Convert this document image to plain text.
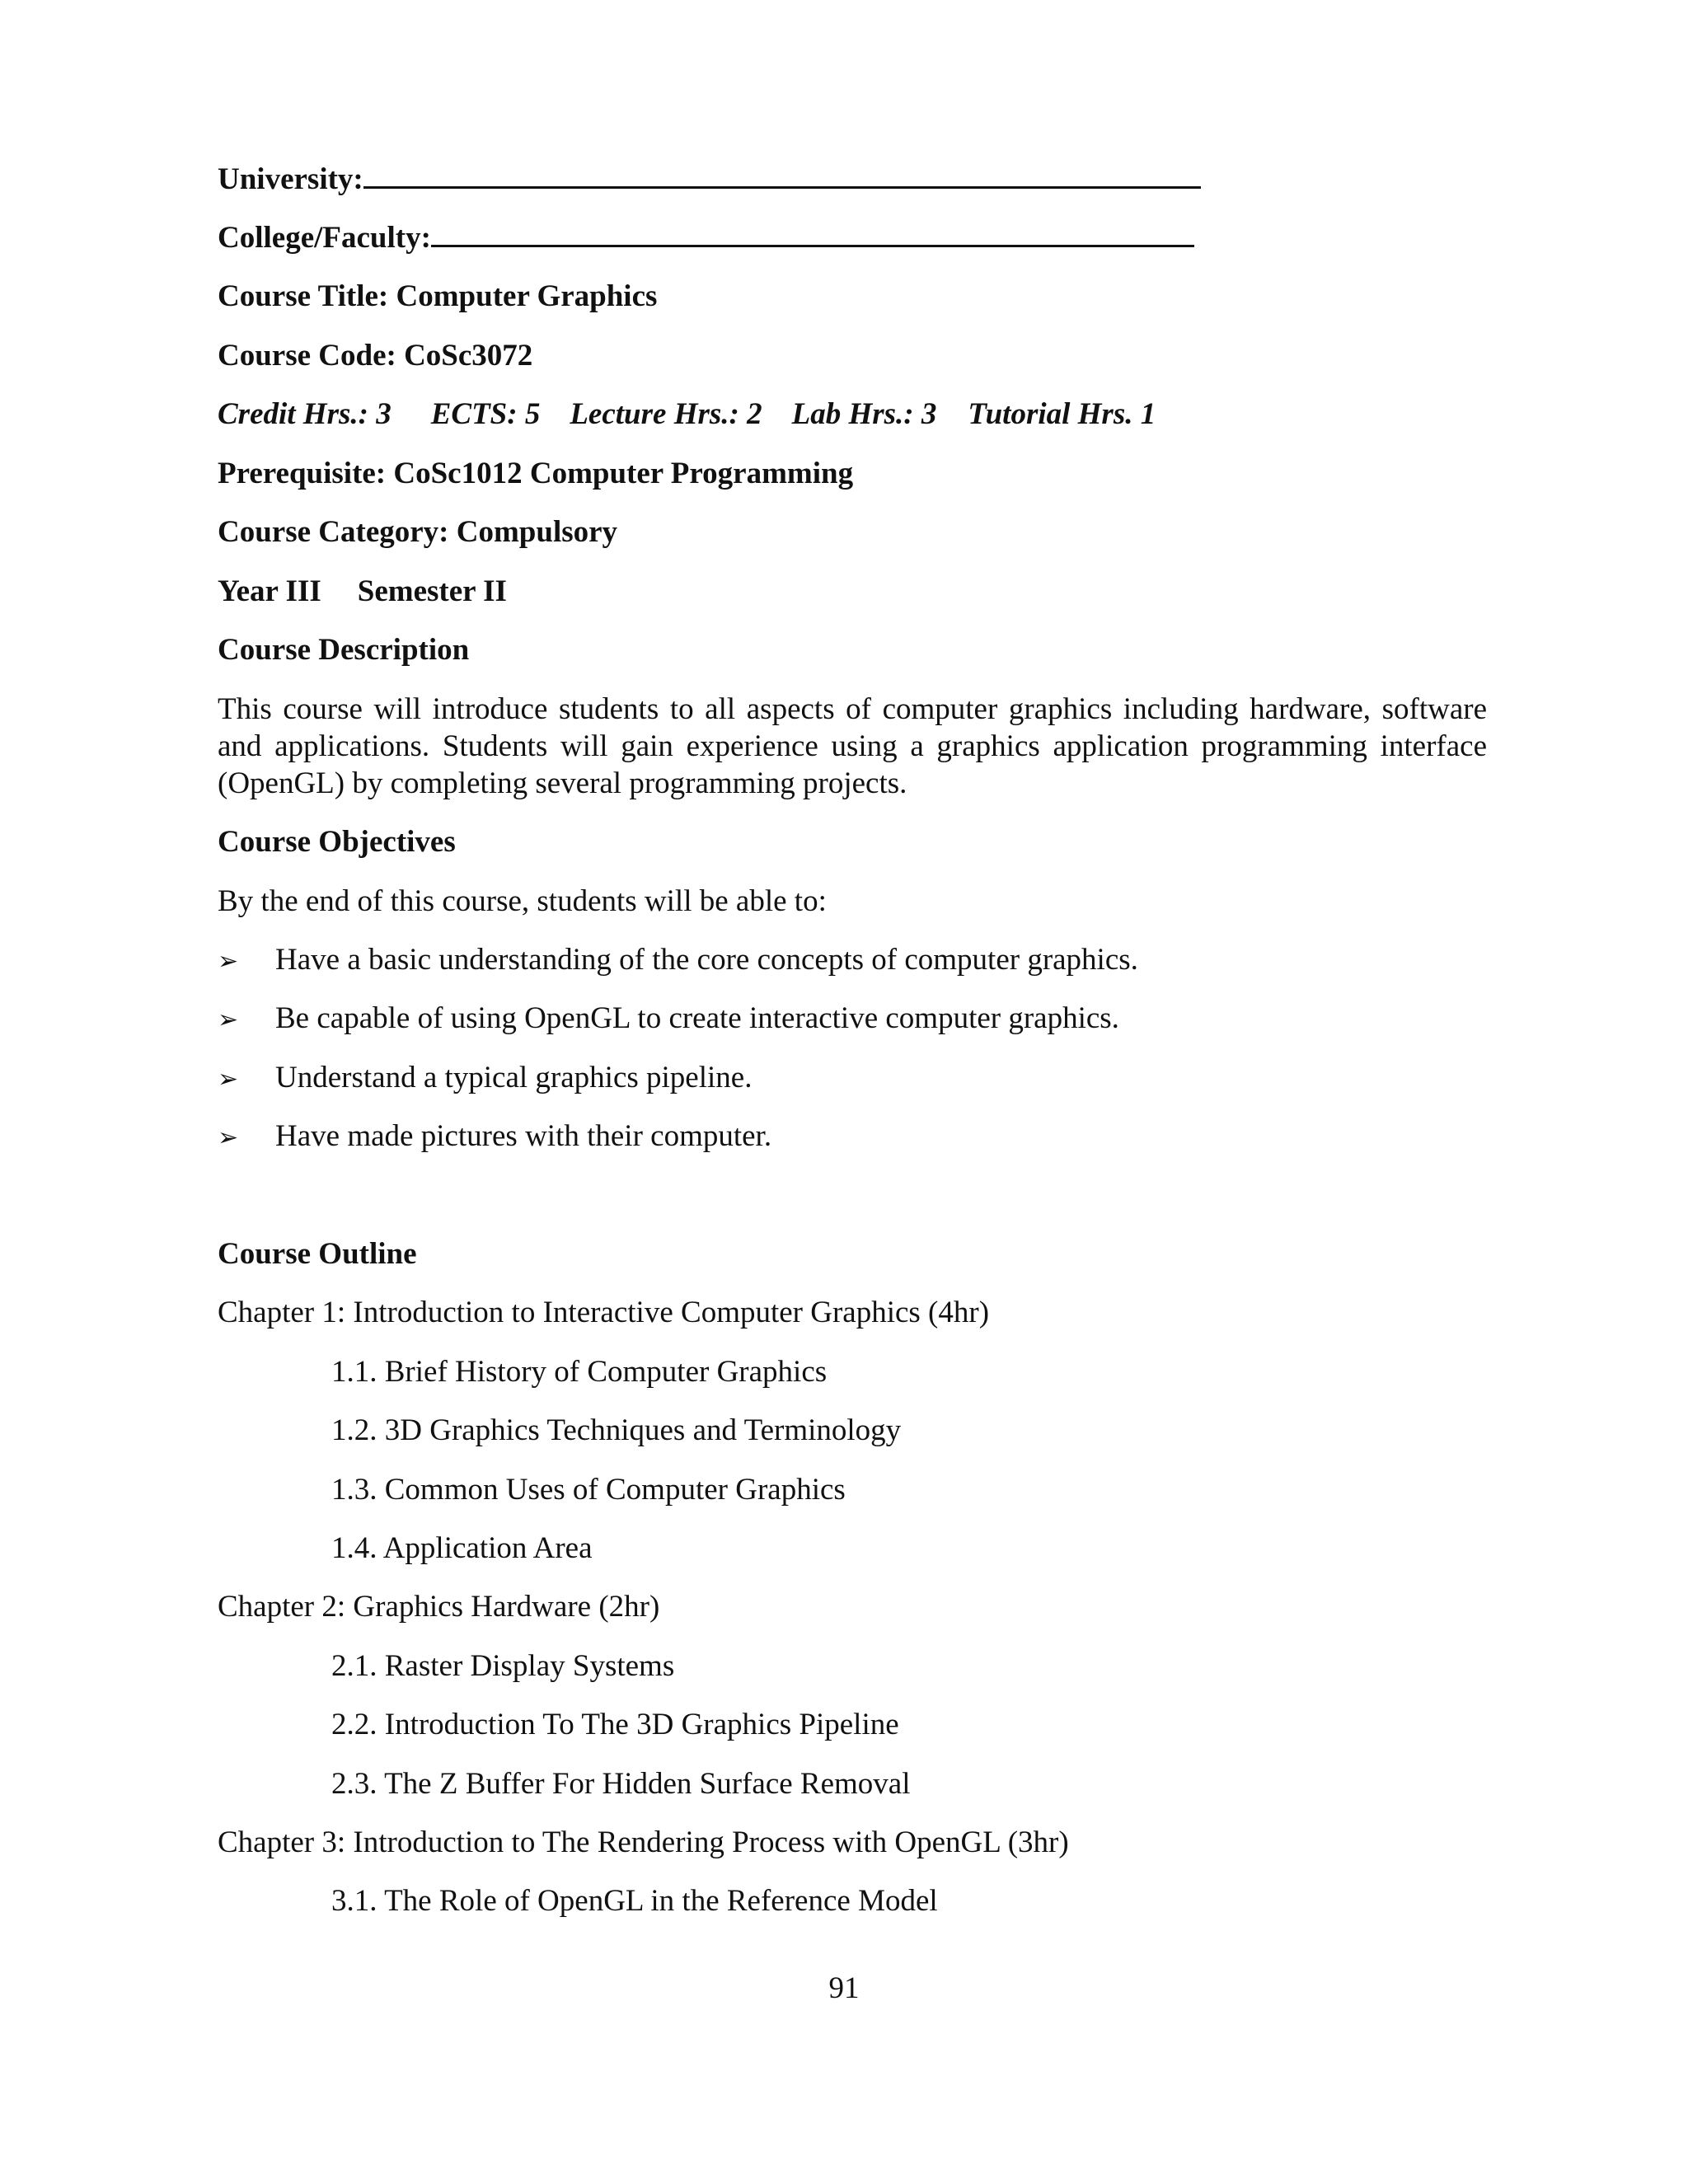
University:
College/Faculty:
Course Title: Computer Graphics
Course Code: CoSc3072
Credit Hrs.: 3 ECTS: 5 Lecture Hrs.: 2 Lab Hrs.: 3 Tutorial Hrs. 1
Prerequisite: CoSc1012 Computer Programming
Course Category: Compulsory
Year III Semester II
Course Description
This course will introduce students to all aspects of computer graphics including hardware, software and applications. Students will gain experience using a graphics application programming interface (OpenGL) by completing several programming projects.
Course Objectives
By the end of this course, students will be able to:
➢ Have a basic understanding of the core concepts of computer graphics.
➢ Be capable of using OpenGL to create interactive computer graphics.
➢ Understand a typical graphics pipeline.
➢ Have made pictures with their computer.
Course Outline
Chapter 1: Introduction to Interactive Computer Graphics (4hr)
1.1. Brief History of Computer Graphics
1.2. 3D Graphics Techniques and Terminology
1.3. Common Uses of Computer Graphics
1.4. Application Area
Chapter 2: Graphics Hardware (2hr)
2.1. Raster Display Systems
2.2. Introduction To The 3D Graphics Pipeline
2.3. The Z Buffer For Hidden Surface Removal
Chapter 3: Introduction to The Rendering Process with OpenGL (3hr)
3.1. The Role of OpenGL in the Reference Model
91
